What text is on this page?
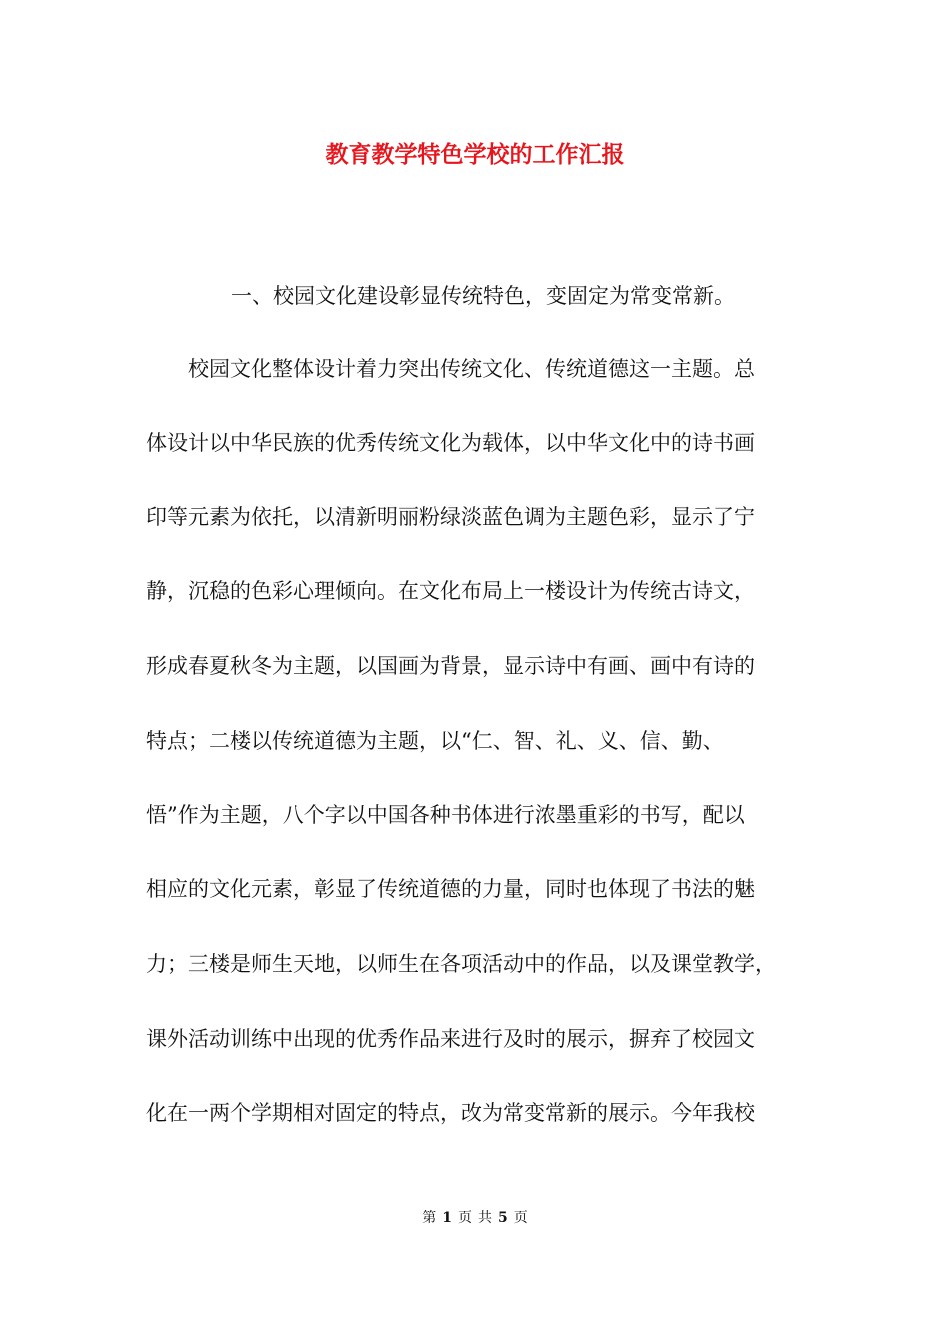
教育教学特色学校的工作汇报
一、校园文化建设彰显传统特色，变固定为常变常新。
校园文化整体设计着力突出传统文化、传统道德这一主题。总
体设计以中华民族的优秀传统文化为载体，以中华文化中的诗书画
印等元素为依托，以清新明丽粉绿淡蓝色调为主题色彩，显示了宁
静，沉稳的色彩心理倾向。在文化布局上一楼设计为传统古诗文，
形成春夏秋冬为主题，以国画为背景，显示诗中有画、画中有诗的
特点；二楼以传统道德为主题，以“仁、智、礼、义、信、勤、
悟”作为主题，八个字以中国各种书体进行浓墨重彩的书写，配以
相应的文化元素，彰显了传统道德的力量，同时也体现了书法的魅
力；三楼是师生天地，以师生在各项活动中的作品，以及课堂教学，
课外活动训练中出现的优秀作品来进行及时的展示，摒弃了校园文
化在一两个学期相对固定的特点，改为常变常新的展示。今年我校
第 1 页 共 5 页
